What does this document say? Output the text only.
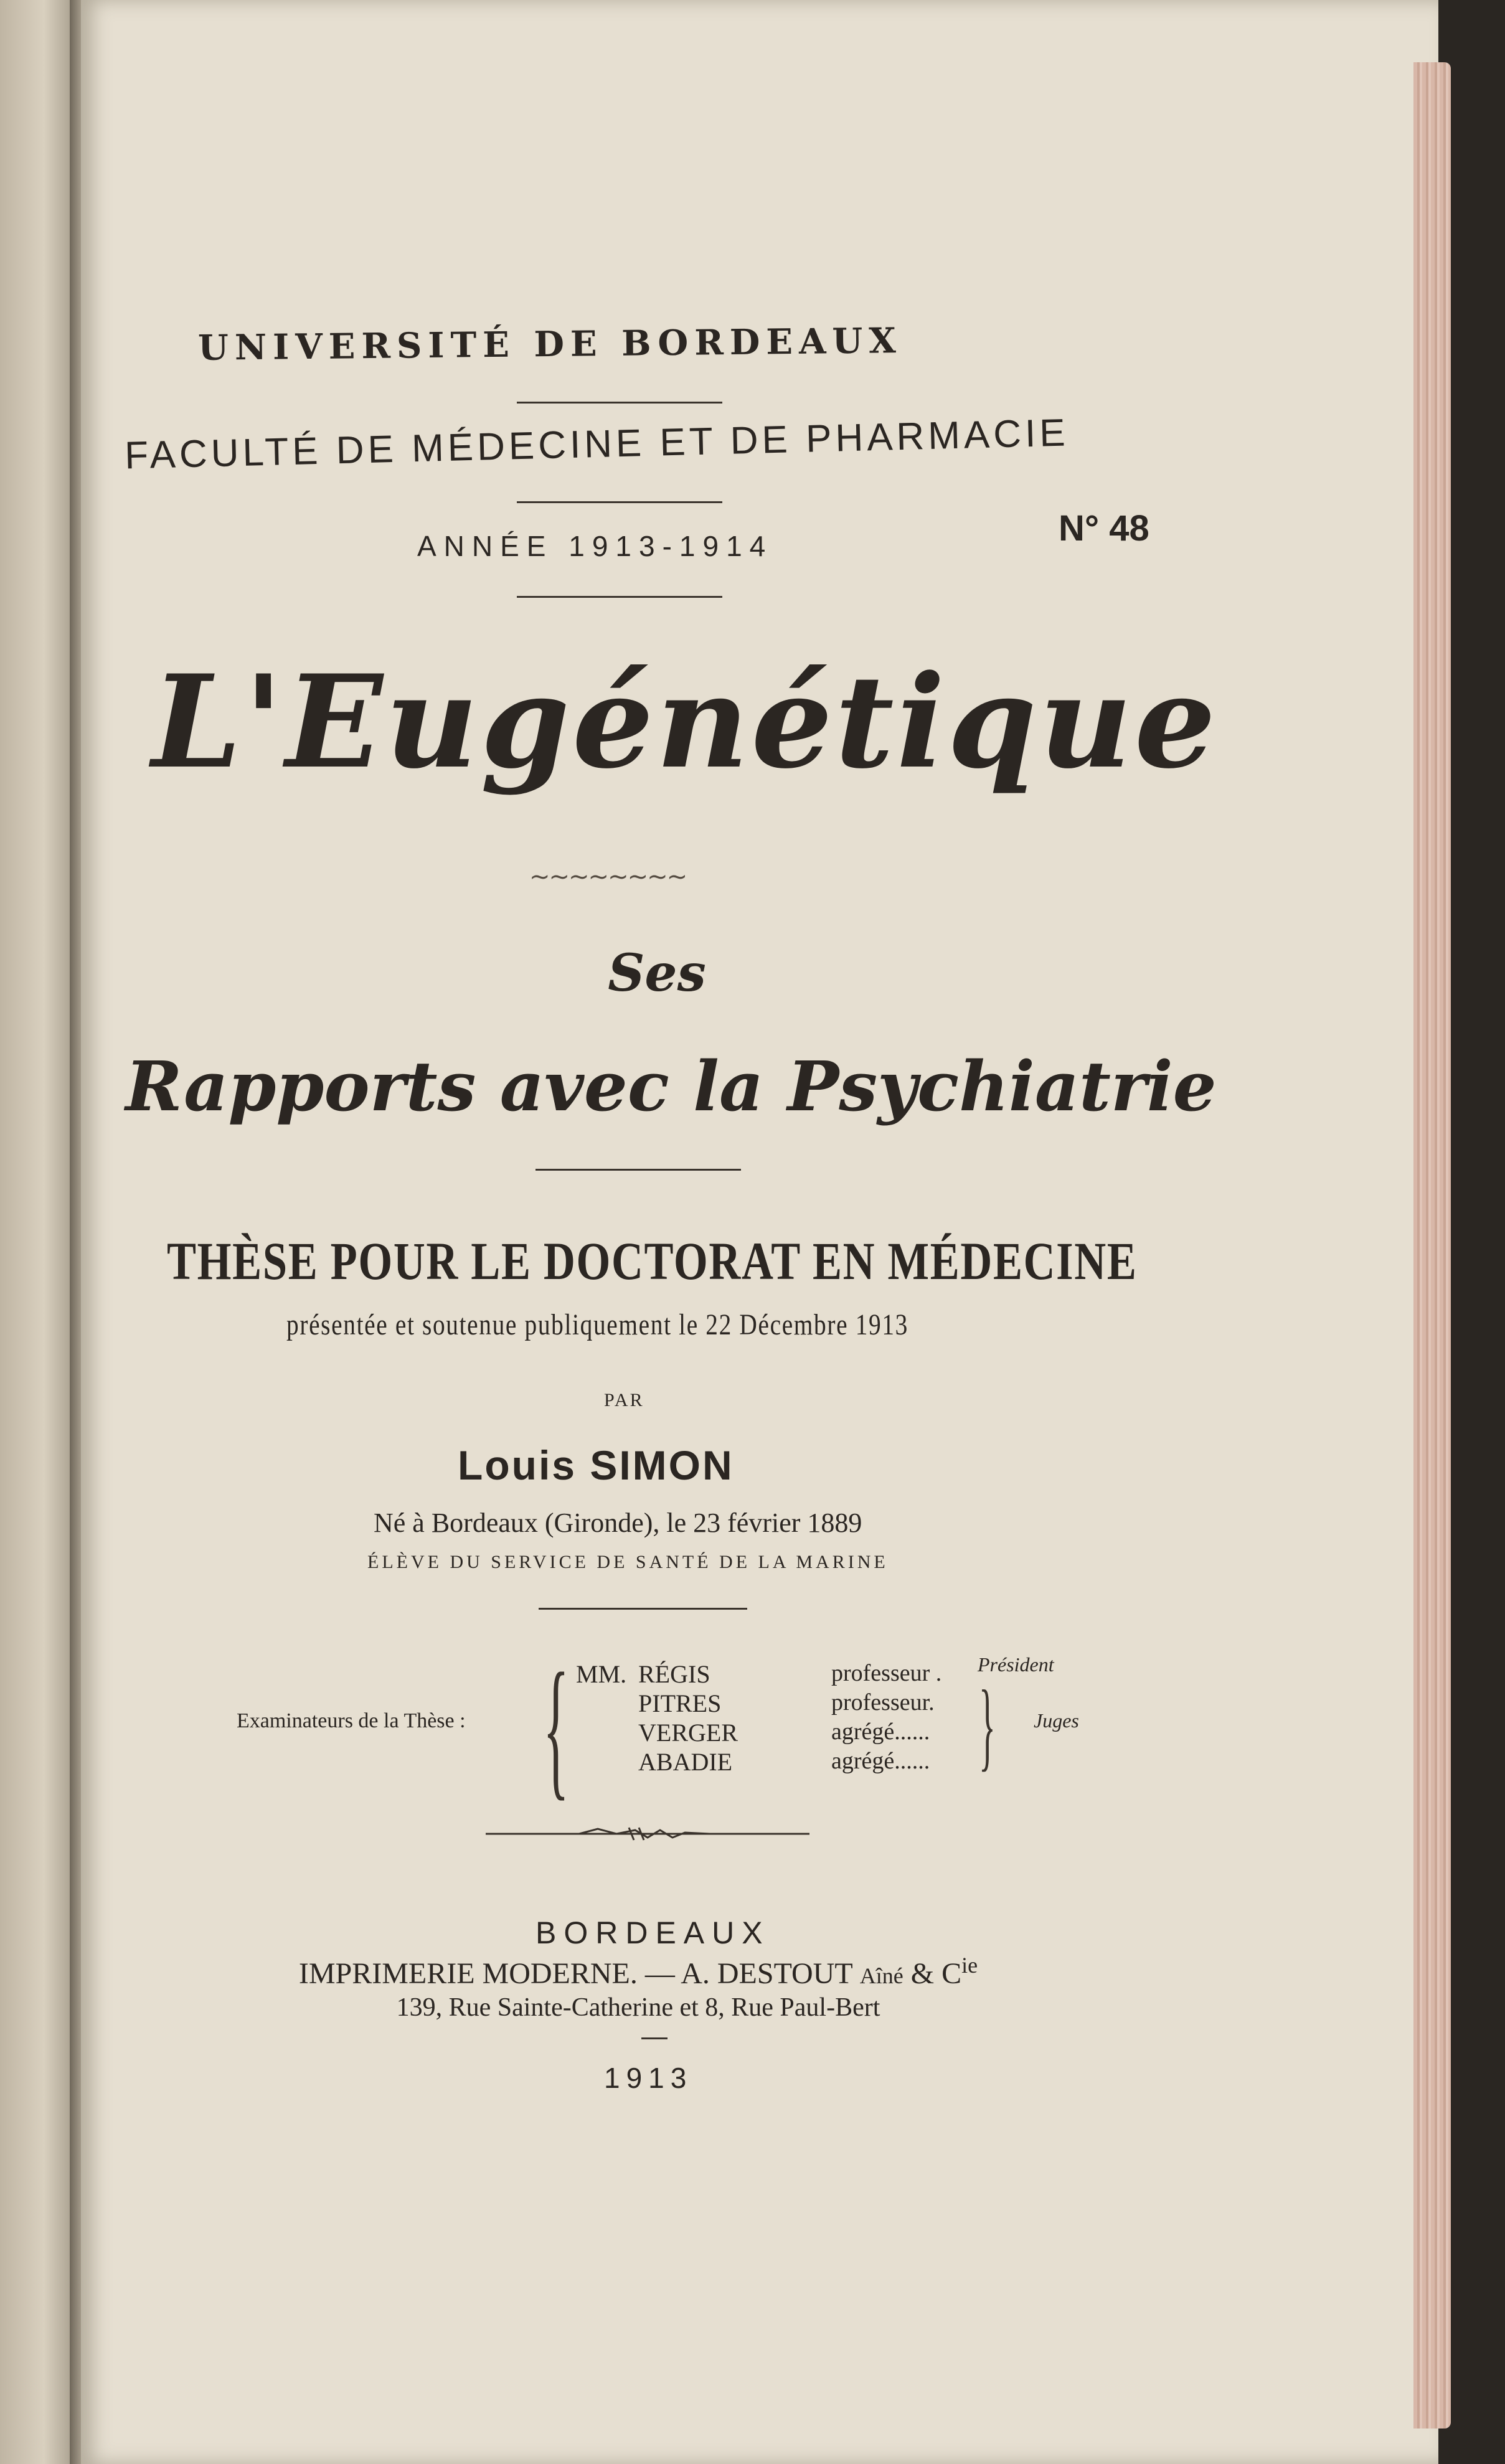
UNIVERSITÉ DE BORDEAUX
FACULTÉ DE MÉDECINE ET DE PHARMACIE
ANNÉE 1913-1914	N° 48
L'Eugénétique
~~~~~~~~
Ses
Rapports avec la Psychiatrie
THÈSE POUR LE DOCTORAT EN MÉDECINE
présentée et soutenue publiquement le 22 Décembre 1913
PAR
Louis SIMON
Né à Bordeaux (Gironde), le 23 février 1889
ÉLÈVE DU SERVICE DE SANTÉ DE LA MARINE
Examinateurs de la Thèse : { MM. RÉGIS	professeur .
PITRES	professeur.
VERGER	agrégé......
ABADIE	agrégé......
Président
} Juges
BORDEAUX
IMPRIMERIE MODERNE. — A. DESTOUT Aîné & $C^{ie}$
139, Rue Sainte-Catherine et 8, Rue Paul-Bert
1913
